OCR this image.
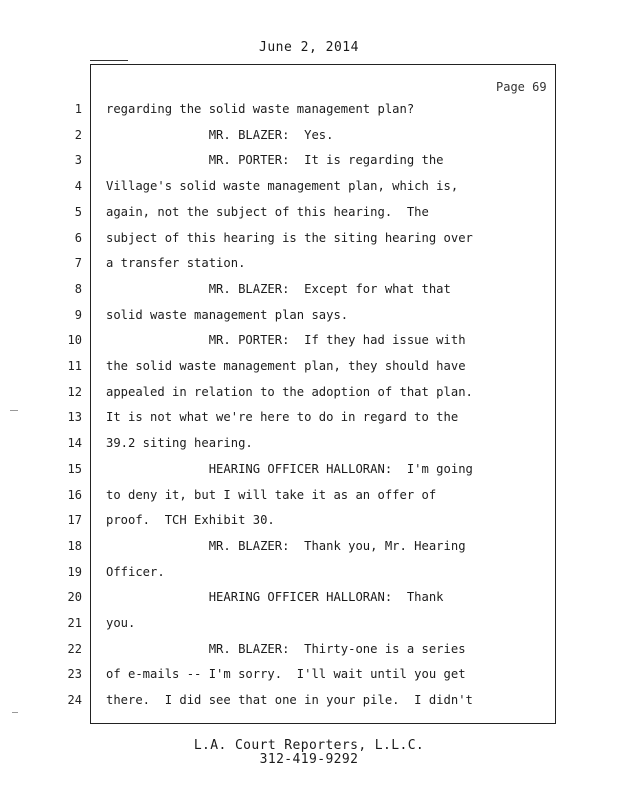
June 2, 2014
Page 69
1 regarding the solid waste management plan?
2 MR. BLAZER:  Yes.
3 MR. PORTER:  It is regarding the
4 Village's solid waste management plan, which is,
5 again, not the subject of this hearing.  The
6 subject of this hearing is the siting hearing over
7 a transfer station.
8 MR. BLAZER:  Except for what that
9 solid waste management plan says.
10 MR. PORTER:  If they had issue with
11 the solid waste management plan, they should have
12 appealed in relation to the adoption of that plan.
13 It is not what we're here to do in regard to the
14 39.2 siting hearing.
15 HEARING OFFICER HALLORAN:  I'm going
16 to deny it, but I will take it as an offer of
17 proof.  TCH Exhibit 30.
18 MR. BLAZER:  Thank you, Mr. Hearing
19 Officer.
20 HEARING OFFICER HALLORAN:  Thank
21 you.
22 MR. BLAZER:  Thirty-one is a series
23 of e-mails -- I'm sorry.  I'll wait until you get
24 there.  I did see that one in your pile.  I didn't
L.A. Court Reporters, L.L.C.
312-419-9292
